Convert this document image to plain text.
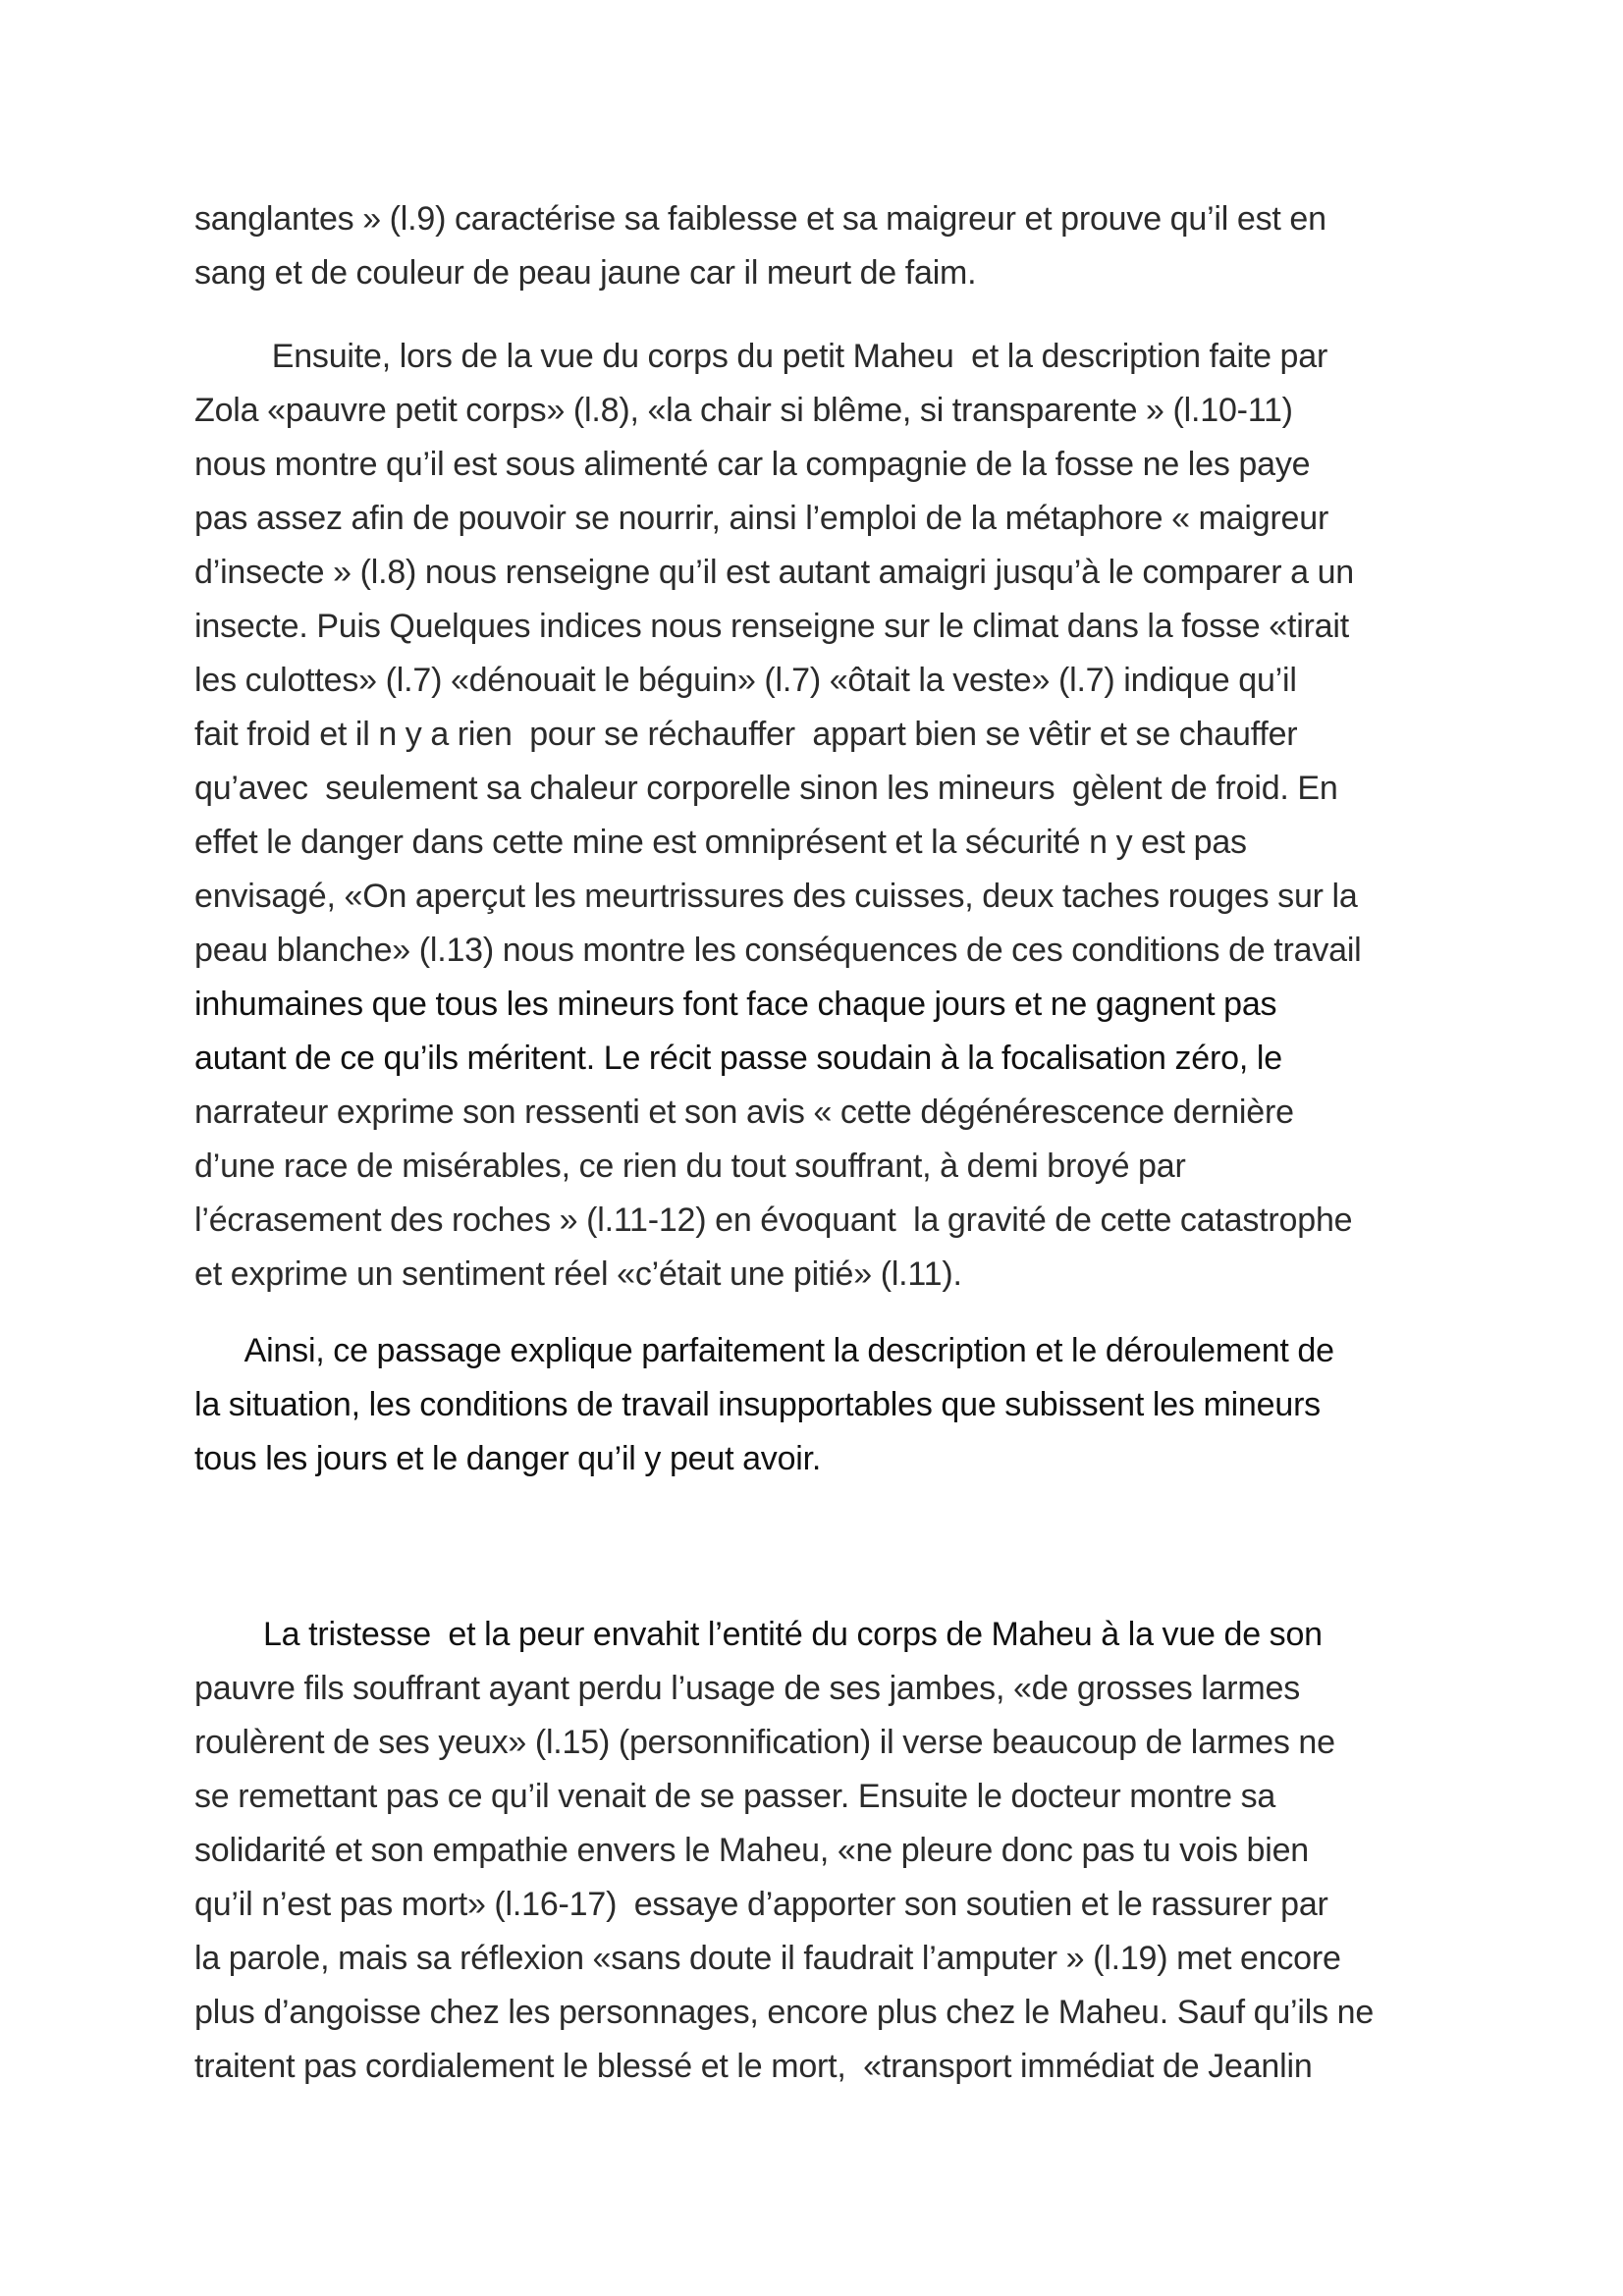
sanglantes » (l.9) caractérise sa faiblesse et sa maigreur et prouve qu’il est en
sang et de couleur de peau jaune car il meurt de faim.
Ensuite, lors de la vue du corps du petit Maheu  et la description faite par
Zola «pauvre petit corps» (l.8), «la chair si blême, si transparente » (l.10-11)
nous montre qu’il est sous alimenté car la compagnie de la fosse ne les paye
pas assez afin de pouvoir se nourrir, ainsi l’emploi de la métaphore « maigreur
d’insecte » (l.8) nous renseigne qu’il est autant amaigri jusqu’à le comparer a un
insecte. Puis Quelques indices nous renseigne sur le climat dans la fosse «tirait
les culottes» (l.7) «dénouait le béguin» (l.7) «ôtait la veste» (l.7) indique qu’il
fait froid et il n y a rien  pour se réchauffer  appart bien se vêtir et se chauffer
qu’avec  seulement sa chaleur corporelle sinon les mineurs  gèlent de froid. En
effet le danger dans cette mine est omniprésent et la sécurité n y est pas
envisagé, «On aperçut les meurtrissures des cuisses, deux taches rouges sur la
peau blanche» (l.13) nous montre les conséquences de ces conditions de travail
inhumaines que tous les mineurs font face chaque jours et ne gagnent pas
autant de ce qu’ils méritent. Le récit passe soudain à la focalisation zéro, le
narrateur exprime son ressenti et son avis « cette dégénérescence dernière
d’une race de misérables, ce rien du tout souffrant, à demi broyé par
l’écrasement des roches » (l.11-12) en évoquant  la gravité de cette catastrophe
et exprime un sentiment réel «c’était une pitié» (l.11).
Ainsi, ce passage explique parfaitement la description et le déroulement de
la situation, les conditions de travail insupportables que subissent les mineurs
tous les jours et le danger qu’il y peut avoir.
La tristesse  et la peur envahit l’entité du corps de Maheu à la vue de son
pauvre fils souffrant ayant perdu l’usage de ses jambes, «de grosses larmes
roulèrent de ses yeux» (l.15) (personnification) il verse beaucoup de larmes ne
se remettant pas ce qu’il venait de se passer. Ensuite le docteur montre sa
solidarité et son empathie envers le Maheu, «ne pleure donc pas tu vois bien
qu’il n’est pas mort» (l.16-17)  essaye d’apporter son soutien et le rassurer par
la parole, mais sa réflexion «sans doute il faudrait l’amputer » (l.19) met encore
plus d’angoisse chez les personnages, encore plus chez le Maheu. Sauf qu’ils ne
traitent pas cordialement le blessé et le mort,  «transport immédiat de Jeanlin
